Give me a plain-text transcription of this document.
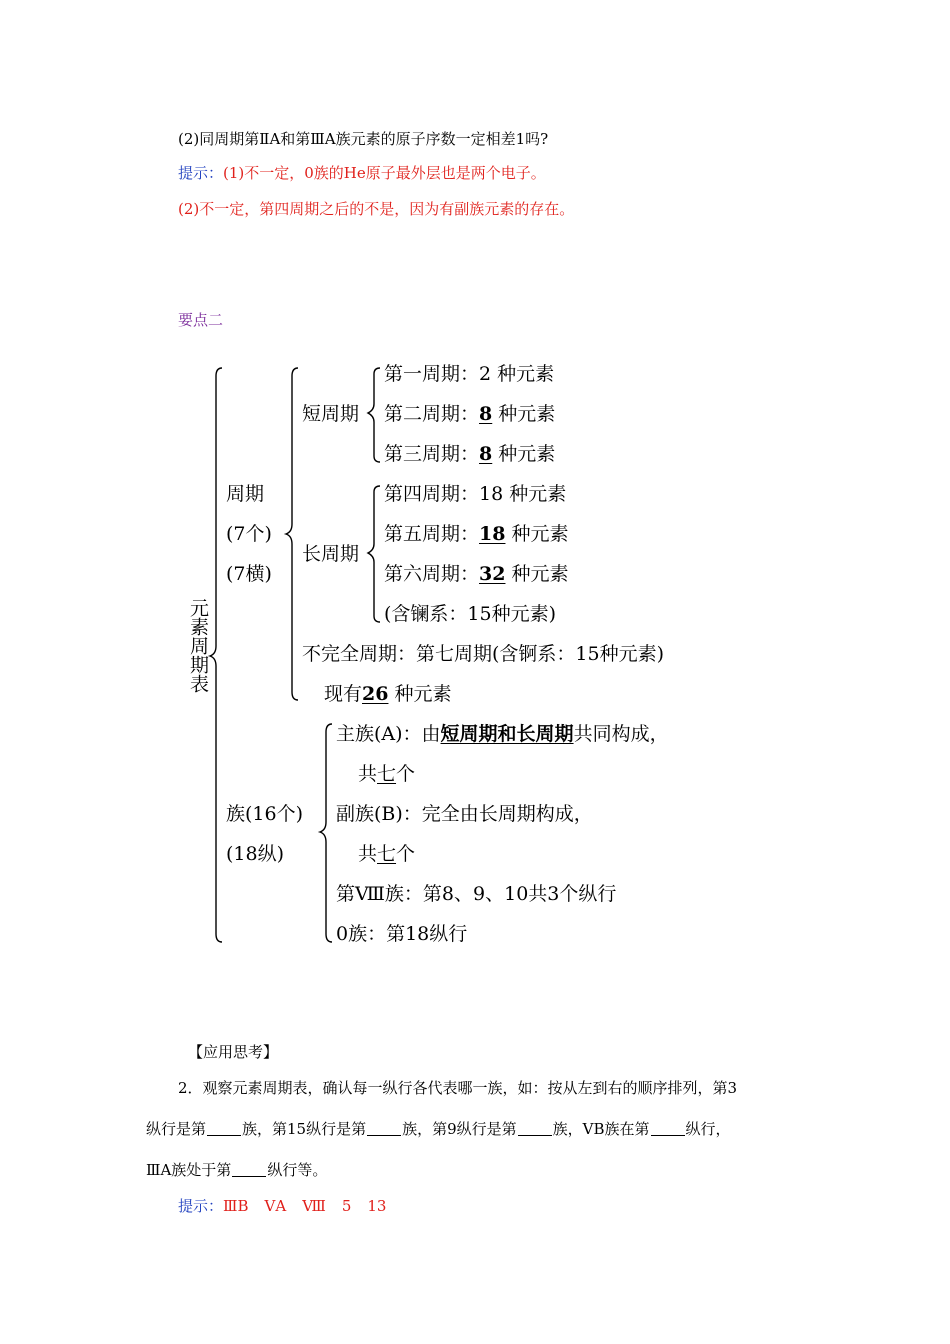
(2)同周期第ⅡA和第ⅢA族元素的原子序数一定相差1吗?
提示：(1)不一定，0族的He原子最外层也是两个电子。
(2)不一定，第四周期之后的不是，因为有副族元素的存在。
要点二
元素周期表
周期
(7个)
(7横)
短周期
第一周期：2 种元素
第二周期：8 种元素
第三周期：8 种元素
长周期
第四周期：18 种元素
第五周期：18 种元素
第六周期：32 种元素
(含镧系：15种元素)
不完全周期：第七周期(含锕系：15种元素)
现有26 种元素
族(16个)
(18纵)
主族(A)：由短周期和长周期共同构成，
共七个
副族(B)：完全由长周期构成，
共七个
第Ⅷ族：第8、9、10共3个纵行
0族：第18纵行
【应用思考】
2．观察元素周期表，确认每一纵行各代表哪一族，如：按从左到右的顺序排列，第3
纵行是第 族，第15纵行是第 族，第9纵行是第 族，ⅤB族在第 纵行，
ⅢA族处于第 纵行等。
提示：ⅢB ⅤA Ⅷ 5 13
